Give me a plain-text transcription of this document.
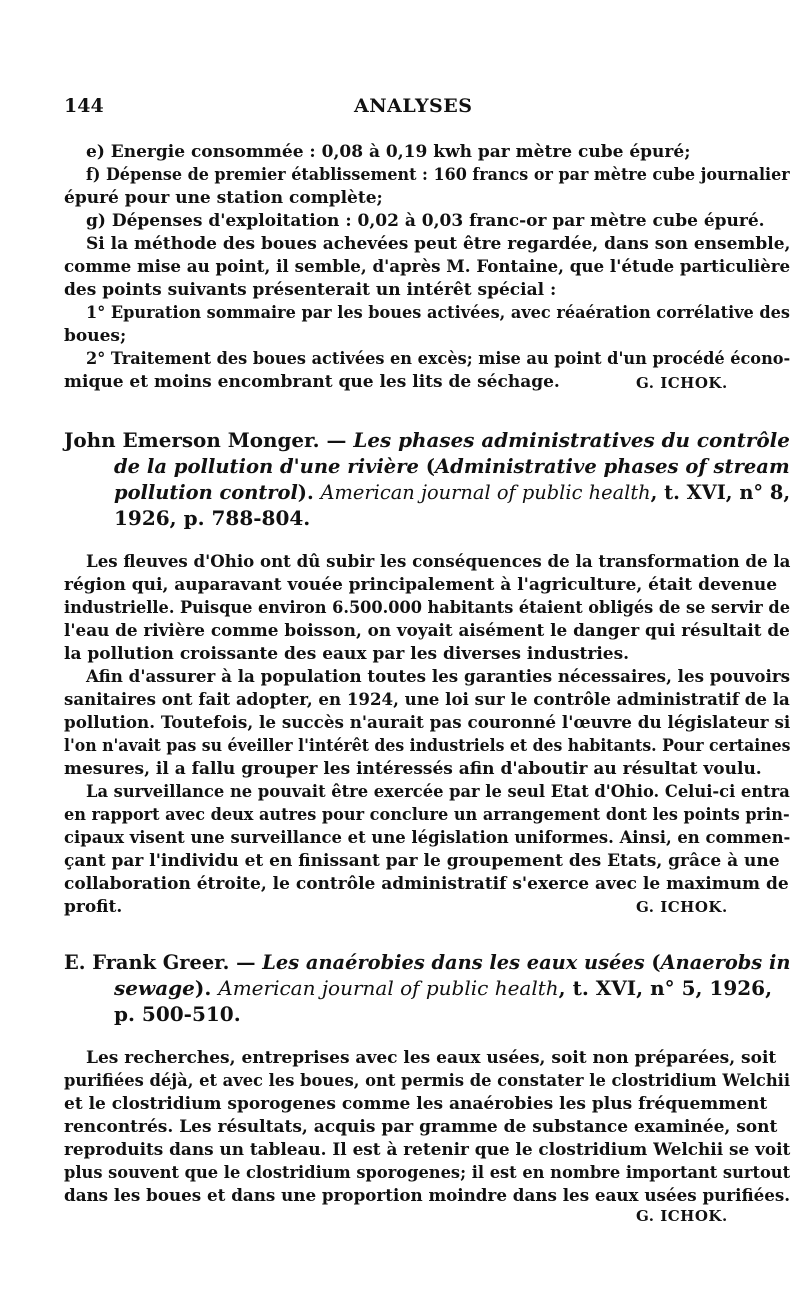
144	ANALYSES
e) Energie consommée : 0,08 à 0,19 kwh par mètre cube épuré;
f) Dépense de premier établissement : 160 francs or par mètre cube journalier
épuré pour une station complète;
g) Dépenses d'exploitation : 0,02 à 0,03 franc-or par mètre cube épuré.
Si la méthode des boues achevées peut être regardée, dans son ensemble,
comme mise au point, il semble, d'après M. Fontaine, que l'étude particulière
des points suivants présenterait un intérêt spécial :
1° Epuration sommaire par les boues activées, avec réaération corrélative des
boues;
2° Traitement des boues activées en excès; mise au point d'un procédé écono-
mique et moins encombrant que les lits de séchage.	G. ICHOK.
John Emerson Monger. — Les phases administratives du contrôle
de la pollution d'une rivière (Administrative phases of stream
pollution control). American journal of public health, t. XVI, n° 8,
1926, p. 788-804.
Les fleuves d'Ohio ont dû subir les conséquences de la transformation de la
région qui, auparavant vouée principalement à l'agriculture, était devenue
industrielle. Puisque environ 6.500.000 habitants étaient obligés de se servir de
l'eau de rivière comme boisson, on voyait aisément le danger qui résultait de
la pollution croissante des eaux par les diverses industries.
Afin d'assurer à la population toutes les garanties nécessaires, les pouvoirs
sanitaires ont fait adopter, en 1924, une loi sur le contrôle administratif de la
pollution. Toutefois, le succès n'aurait pas couronné l'œuvre du législateur si
l'on n'avait pas su éveiller l'intérêt des industriels et des habitants. Pour certaines
mesures, il a fallu grouper les intéressés afin d'aboutir au résultat voulu.
La surveillance ne pouvait être exercée par le seul Etat d'Ohio. Celui-ci entra
en rapport avec deux autres pour conclure un arrangement dont les points prin-
cipaux visent une surveillance et une législation uniformes. Ainsi, en commen-
çant par l'individu et en finissant par le groupement des Etats, grâce à une
collaboration étroite, le contrôle administratif s'exerce avec le maximum de
profit.	G. ICHOK.
E. Frank Greer. — Les anaérobies dans les eaux usées (Anaerobs in
sewage). American journal of public health, t. XVI, n° 5, 1926,
p. 500-510.
Les recherches, entreprises avec les eaux usées, soit non préparées, soit
purifiées déjà, et avec les boues, ont permis de constater le clostridium Welchii
et le clostridium sporogenes comme les anaérobies les plus fréquemment
rencontrés. Les résultats, acquis par gramme de substance examinée, sont
reproduits dans un tableau. Il est à retenir que le clostridium Welchii se voit
plus souvent que le clostridium sporogenes; il est en nombre important surtout
dans les boues et dans une proportion moindre dans les eaux usées purifiées.
G. ICHOK.
